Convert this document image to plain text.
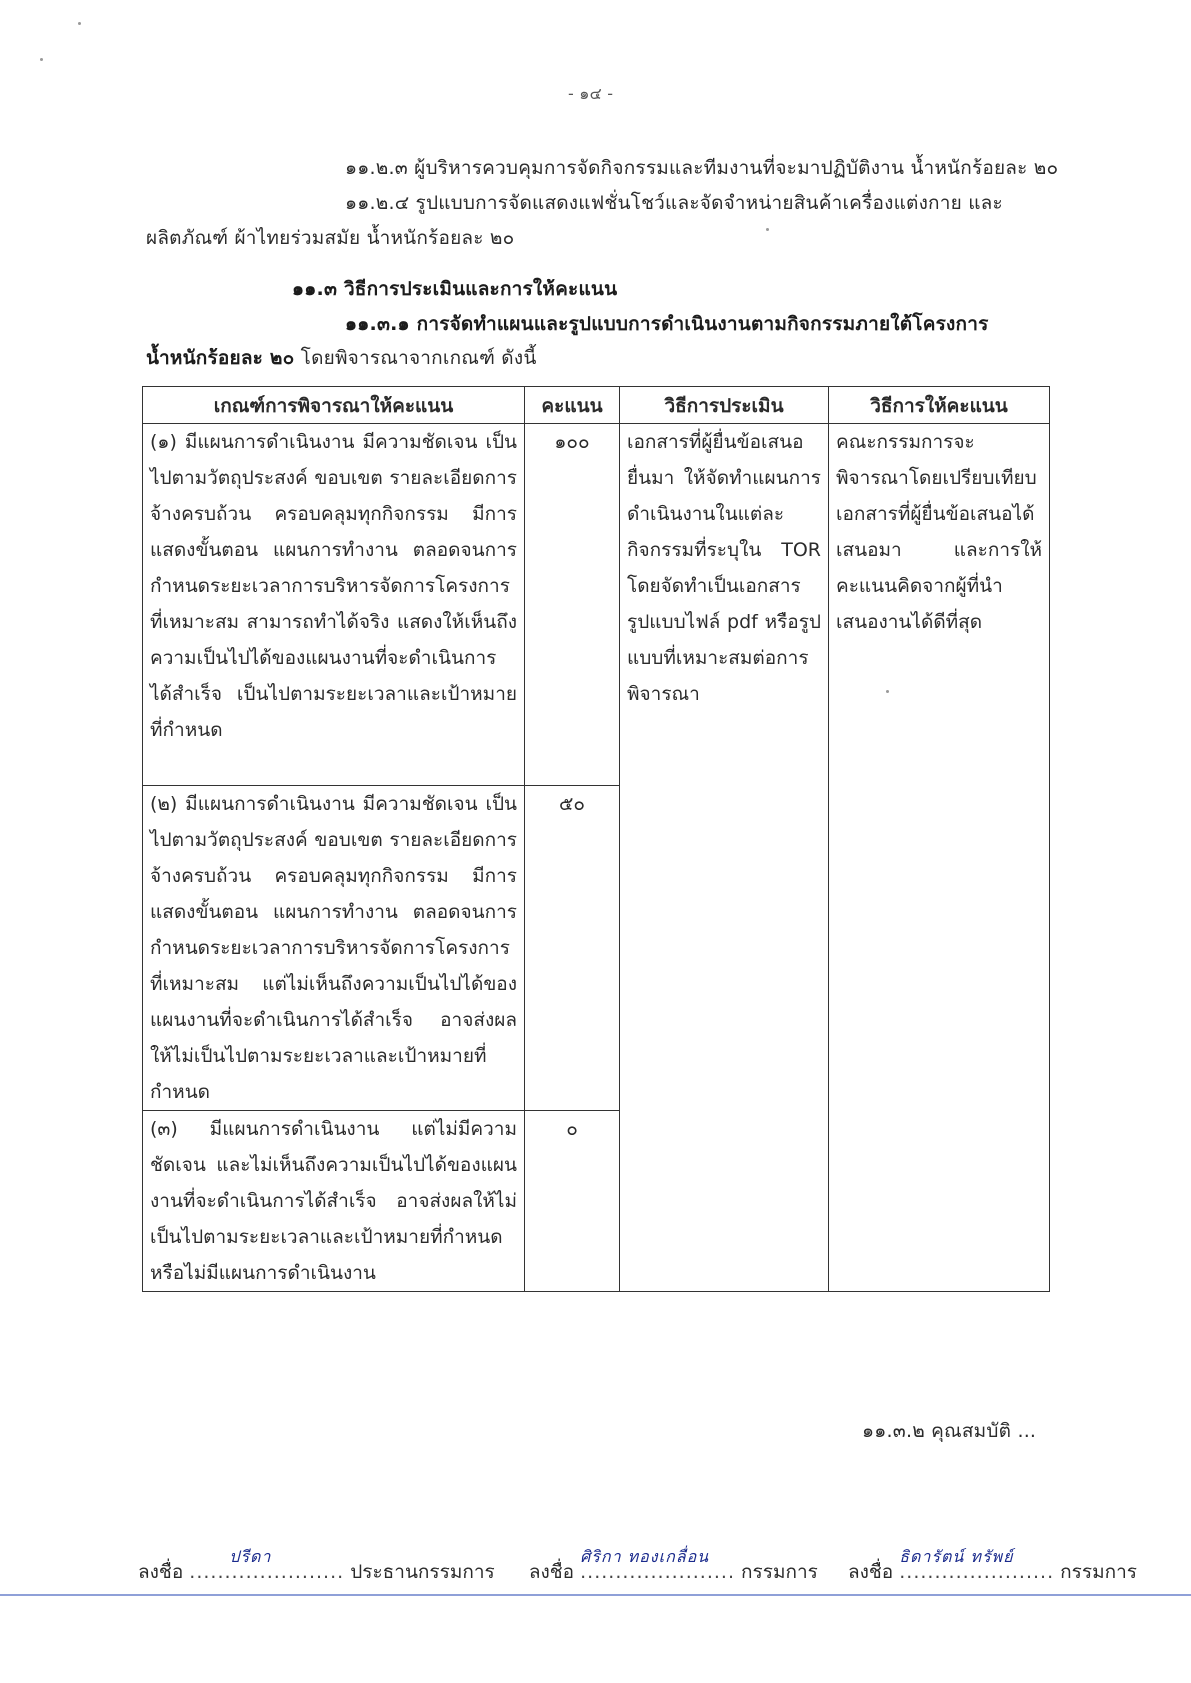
- ๑๔ -
๑๑.๒.๓ ผู้บริหารควบคุมการจัดกิจกรรมและทีมงานที่จะมาปฏิบัติงาน น้ำหนักร้อยละ ๒๐
๑๑.๒.๔ รูปแบบการจัดแสดงแฟชั่นโชว์และจัดจำหน่ายสินค้าเครื่องแต่งกาย และ
ผลิตภัณฑ์ ผ้าไทยร่วมสมัย น้ำหนักร้อยละ ๒๐
๑๑.๓ วิธีการประเมินและการให้คะแนน
๑๑.๓.๑ การจัดทำแผนและรูปแบบการดำเนินงานตามกิจกรรมภายใต้โครงการ
น้ำหนักร้อยละ ๒๐ โดยพิจารณาจากเกณฑ์ ดังนี้
เกณฑ์การพิจารณาให้คะแนน	คะแนน	วิธีการประเมิน	วิธีการให้คะแนน
(๑) มีแผนการดำเนินงาน มีความชัดเจน เป็นไปตามวัตถุประสงค์ ขอบเขต รายละเอียดการจ้างครบถ้วน ครอบคลุมทุกกิจกรรม มีการแสดงขั้นตอน แผนการทำงาน ตลอดจนการกำหนดระยะเวลาการบริหารจัดการโครงการที่เหมาะสม สามารถทำได้จริง แสดงให้เห็นถึงความเป็นไปได้ของแผนงานที่จะดำเนินการได้สำเร็จ เป็นไปตามระยะเวลาและเป้าหมายที่กำหนด	๑๐๐	เอกสารที่ผู้ยื่นข้อเสนอยื่นมา ให้จัดทำแผนการดำเนินงานในแต่ละกิจกรรมที่ระบุใน TOR โดยจัดทำเป็นเอกสารรูปแบบไฟล์ pdf หรือรูปแบบที่เหมาะสมต่อการพิจารณา	คณะกรรมการจะพิจารณาโดยเปรียบเทียบเอกสารที่ผู้ยื่นข้อเสนอได้เสนอมา และการให้คะแนนคิดจากผู้ที่นำเสนองานได้ดีที่สุด
(๒) มีแผนการดำเนินงาน มีความชัดเจน เป็นไปตามวัตถุประสงค์ ขอบเขต รายละเอียดการจ้างครบถ้วน ครอบคลุมทุกกิจกรรม มีการแสดงขั้นตอน แผนการทำงาน ตลอดจนการกำหนดระยะเวลาการบริหารจัดการโครงการที่เหมาะสม แต่ไม่เห็นถึงความเป็นไปได้ของแผนงานที่จะดำเนินการได้สำเร็จ อาจส่งผลให้ไม่เป็นไปตามระยะเวลาและเป้าหมายที่กำหนด	๕๐		
(๓) มีแผนการดำเนินงาน แต่ไม่มีความชัดเจน และไม่เห็นถึงความเป็นไปได้ของแผนงานที่จะดำเนินการได้สำเร็จ อาจส่งผลให้ไม่เป็นไปตามระยะเวลาและเป้าหมายที่กำหนด หรือไม่มีแผนการดำเนินงาน	๐		
๑๑.๓.๒ คุณสมบัติ ...
ลงชื่อ ......................
ปรีดา
ประธานกรรมการ ลงชื่อ ......................
ศิริกา ทองเกลื่อน
กรรมการ ลงชื่อ ......................
ธิดารัตน์ ทรัพย์
กรรมการ
